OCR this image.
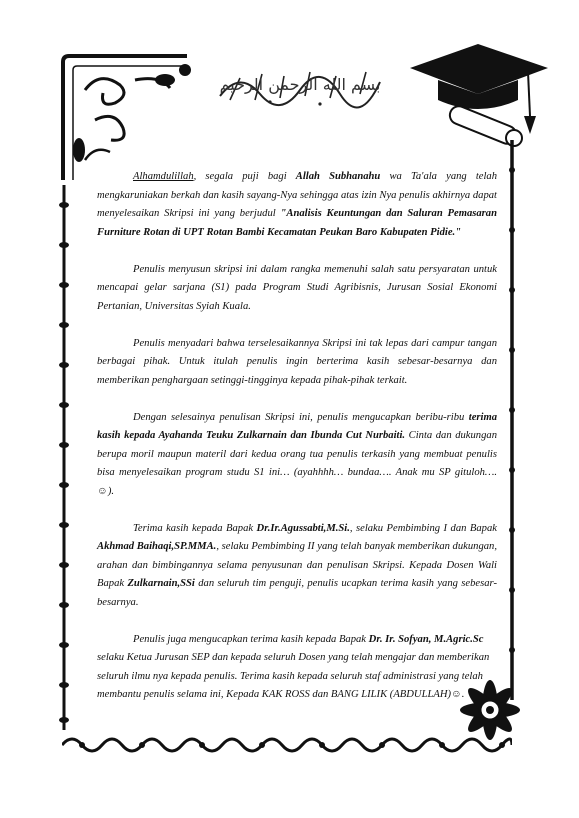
بسم الله الرحمن الرحيم

Alhamdulillah, segala puji bagi Allah Subhanahu wa Ta'ala yang telah mengkaruniakan berkah dan kasih sayang-Nya sehingga atas izin Nya penulis akhirnya dapat menyelesaikan Skripsi ini yang berjudul "Analisis Keuntungan dan Saluran Pemasaran Furniture Rotan di UPT Rotan Bambi Kecamatan Peukan Baro Kabupaten Pidie."

Penulis menyusun skripsi ini dalam rangka memenuhi salah satu persyaratan untuk mencapai gelar sarjana (S1) pada Program Studi Agribisnis, Jurusan Sosial Ekonomi Pertanian, Universitas Syiah Kuala.

Penulis menyadari bahwa terselesaikannya Skripsi ini tak lepas dari campur tangan berbagai pihak. Untuk itulah penulis ingin berterima kasih sebesar-besarnya dan memberikan penghargaan setinggi-tingginya kepada pihak-pihak terkait.

Dengan selesainya penulisan Skripsi ini, penulis mengucapkan beribu-ribu terima kasih kepada Ayahanda Teuku Zulkarnain dan Ibunda Cut Nurbaiti. Cinta dan dukungan berupa moril maupun materil dari kedua orang tua penulis terkasih yang membuat penulis bisa menyelesaikan program studu S1 ini… (ayahhhh… bundaa…. Anak mu SP gituloh…. ☺).

Terima kasih kepada Bapak Dr.Ir.Agussabti,M.Si., selaku Pembimbing I dan Bapak Akhmad Baihaqi,SP.MMA., selaku Pembimbing II yang telah banyak memberikan dukungan, arahan dan bimbingannya selama penyusunan dan penulisan Skripsi. Kepada Dosen Wali Bapak Zulkarnain,SSi dan seluruh tim penguji, penulis ucapkan terima kasih yang sebesar-besarnya.

Penulis juga mengucapkan terima kasih kepada Bapak Dr. Ir. Sofyan, M.Agric.Sc selaku Ketua Jurusan SEP dan kepada seluruh Dosen yang telah mengajar dan memberikan seluruh ilmu nya kepada penulis. Terima kasih kepada seluruh staf administrasi yang telah membantu penulis selama ini, Kepada KAK ROSS dan BANG LILIK (ABDULLAH)☺.
